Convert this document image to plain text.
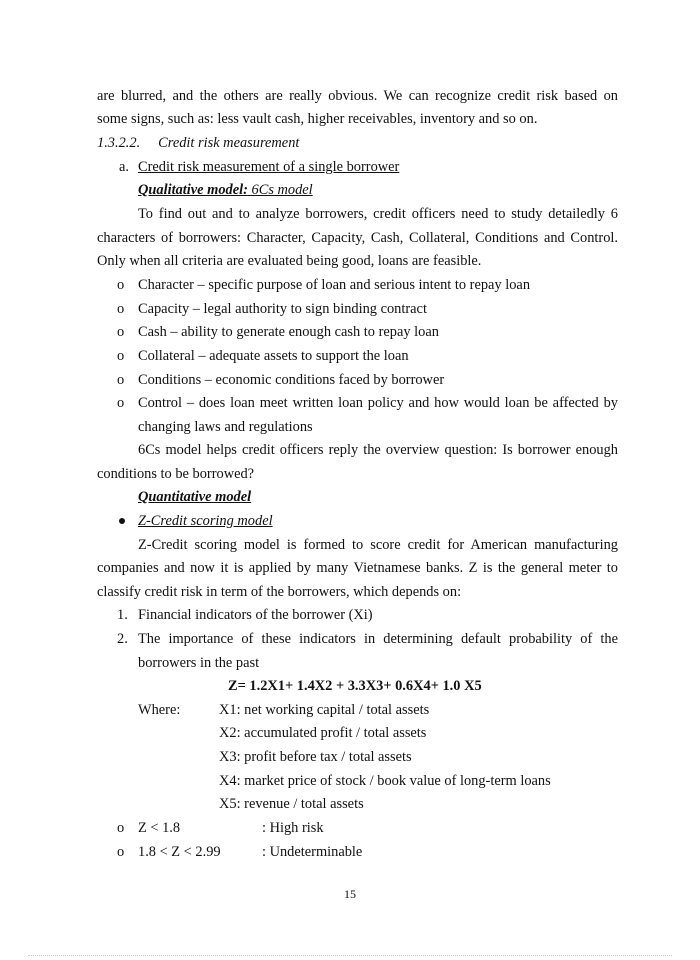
are blurred, and the others are really obvious. We can recognize credit risk based on
some signs, such as: less vault cash, higher receivables, inventory and so on.
1.3.2.2.     Credit risk measurement
a. Credit risk measurement of a single borrower
Qualitative model: 6Cs model
To find out and to analyze borrowers, credit officers need to study detailedly 6
characters of borrowers: Character, Capacity, Cash, Collateral, Conditions and Control.
Only when all criteria are evaluated being good, loans are feasible.
o Character – specific purpose of loan and serious intent to repay loan
o Capacity – legal authority to sign binding contract
o Cash – ability to generate enough cash to repay loan
o Collateral – adequate assets to support the loan
o Conditions – economic conditions faced by borrower
o Control – does loan meet written loan policy and how would loan be affected by
changing laws and regulations
6Cs model helps credit officers reply the overview question: Is borrower enough
conditions to be borrowed?
Quantitative model
Z-Credit scoring model
Z-Credit scoring model is formed to score credit for American manufacturing
companies and now it is applied by many Vietnamese banks. Z is the general meter to
classify credit risk in term of the borrowers, which depends on:
1. Financial indicators of the borrower (Xi)
2. The importance of these indicators in determining default probability of the
borrowers in the past
Z= 1.2X1+ 1.4X2 + 3.3X3+ 0.6X4+ 1.0 X5
Where:	X1: net working capital / total assets
X2: accumulated profit / total assets
X3: profit before tax / total assets
X4: market price of stock / book value of long-term loans
X5: revenue / total assets
o Z < 1.8	: High risk
o 1.8 < Z < 2.99	: Undeterminable
15
